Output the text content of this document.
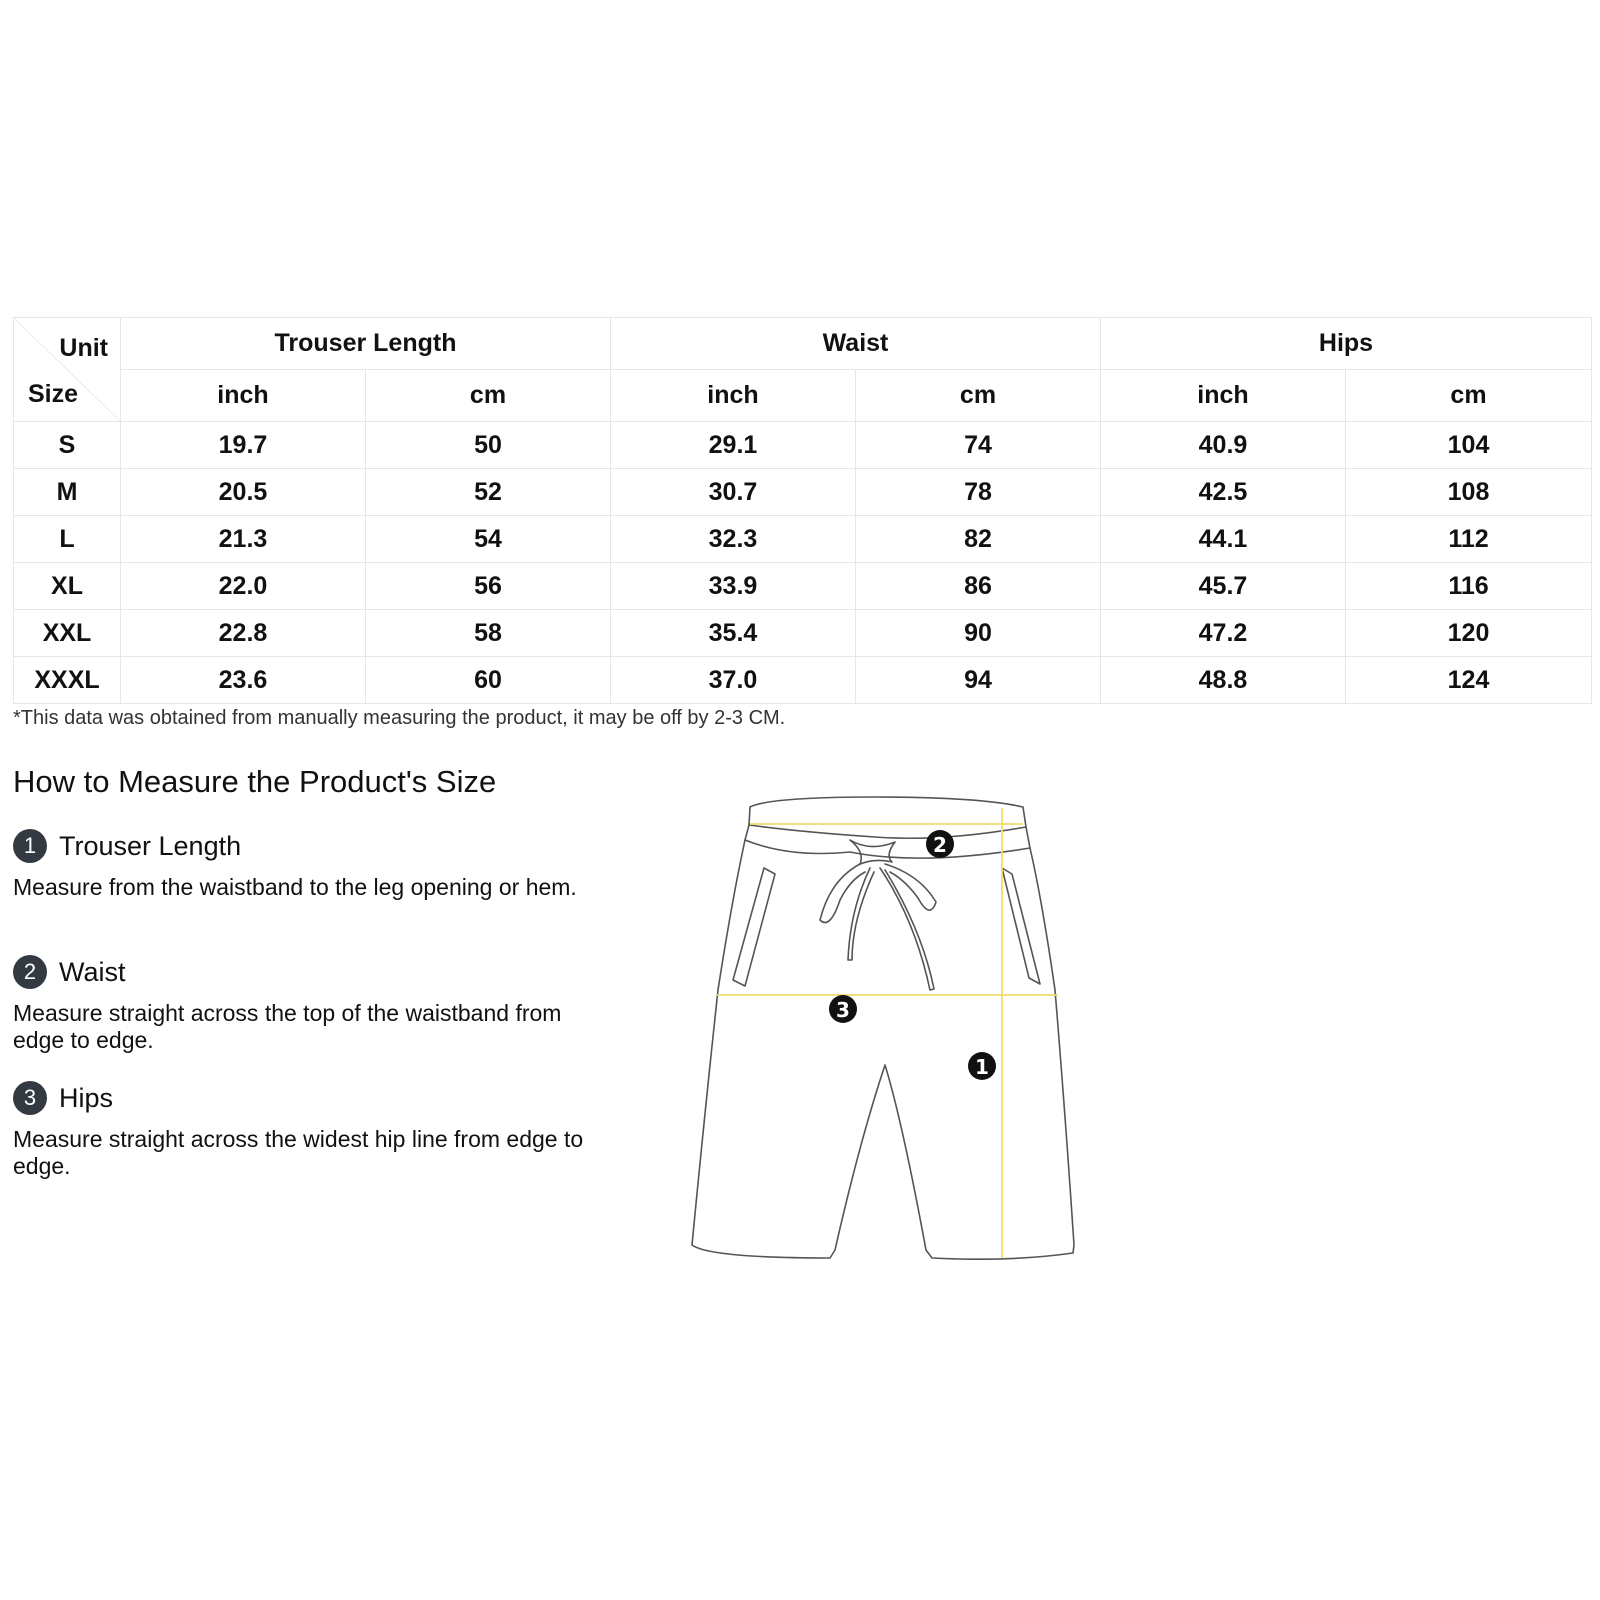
Unit
Size	Trouser Length		Waist		Hips	
	inch	cm	inch	cm	inch	cm
S	19.7	50	29.1	74	40.9	104
M	20.5	52	30.7	78	42.5	108
L	21.3	54	32.3	82	44.1	112
XL	22.0	56	33.9	86	45.7	116
XXL	22.8	58	35.4	90	47.2	120
XXXL	23.6	60	37.0	94	48.8	124
*This data was obtained from manually measuring the product, it may be off by 2-3 CM.
How to Measure the Product's Size
1 Trouser Length
Measure from the waistband to the leg opening or hem.
2 Waist
Measure straight across the top of the waistband from edge to edge.
3 Hips
Measure straight across the widest hip line from edge to edge.
2
3
1
